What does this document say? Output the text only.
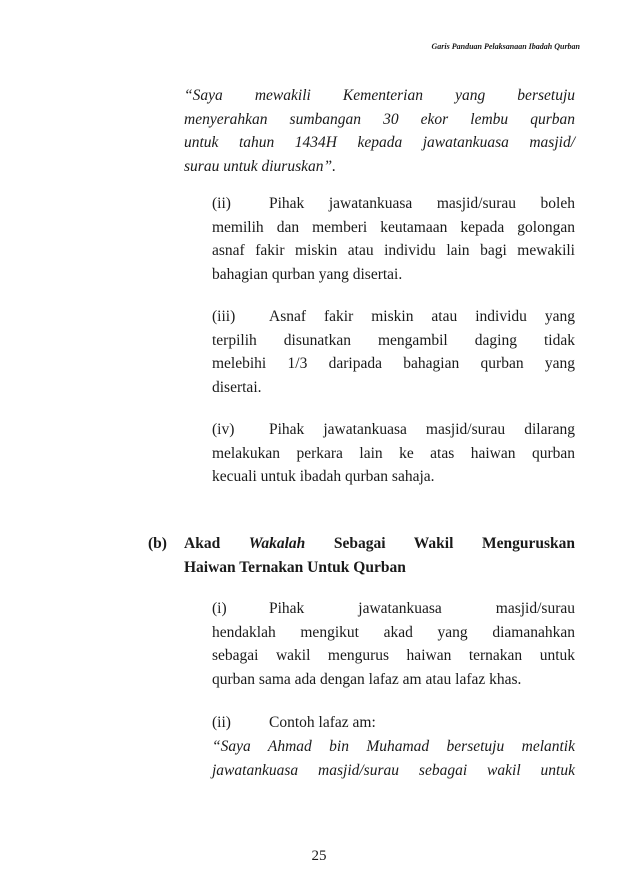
Garis Panduan Pelaksanaan Ibadah Qurban
“Saya mewakili Kementerian yang bersetuju
menyerahkan sumbangan 30 ekor lembu qurban
untuk tahun 1434H kepada jawatankuasa masjid/
surau untuk diuruskan”.
(ii) Pihak jawatankuasa masjid/surau boleh
memilih dan memberi keutamaan kepada golongan
asnaf fakir miskin atau individu lain bagi mewakili
bahagian qurban yang disertai.
(iii) Asnaf fakir miskin atau individu yang
terpilih disunatkan mengambil daging tidak
melebihi 1/3 daripada bahagian qurban yang
disertai.
(iv) Pihak jawatankuasa masjid/surau dilarang
melakukan perkara lain ke atas haiwan qurban
kecuali untuk ibadah qurban sahaja.
(b) Akad Wakalah Sebagai Wakil Menguruskan
Haiwan Ternakan Untuk Qurban
(i)	Pihak jawatankuasa masjid/surau
hendaklah mengikut akad yang diamanahkan
sebagai wakil mengurus haiwan ternakan untuk
qurban sama ada dengan lafaz am atau lafaz khas.
(ii) Contoh lafaz am:
“Saya Ahmad bin Muhamad bersetuju melantik
jawatankuasa masjid/surau sebagai wakil untuk
25
